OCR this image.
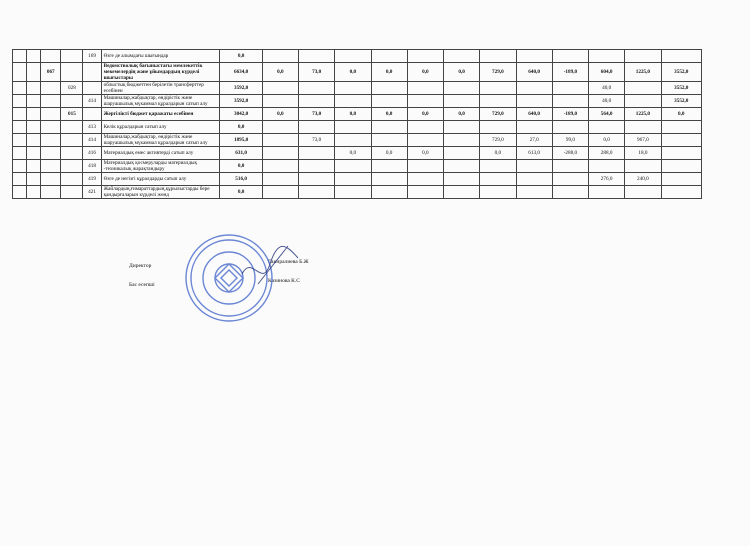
				169	Өзге де алымдағы шығындар	0,0												
		067			Ведомстволық бағыныстағы мемлекеттік мекемелердің және ұйымдардың күрделі шығыстары	6634,0	0,0	73,0	0,0	0,0	0,0	0,0	729,0	640,0	-189,0	604,0	1225,0	3552,0
			028		облыстық бюджеттен берілетін трансферттер есебінен	3592,0										40,0		3552,0
				414	Машиналар,жабдықтар, өндірістік және шаруашылық мүкаммал құралдарын сатып алу	3592,0										40,0		3552,0
			015		Жергілікті бюджет қаражаты есебінен	3042,0	0,0	73,0	0,0	0,0	0,0	0,0	729,0	640,0	-189,0	564,0	1225,0	0,0
				413	Келік құралдарын сатып алу	0,0												
				414	Машиналар,жабдықтар, өндірістік және шаруашылық мүкаммал құралдарын сатып алу	1895,0		73,0					729,0	27,0	99,0	0,0	967,0	
				416	Материалдық емес активтерді сатып алу	631,0			0,0	0,0	0,0		0,0	613,0	-288,0	288,0	18,0	
				418	Материалдық қосмеруларды материалдық -техникалық жарақтандыру	0,0												
				419	Өзге де негізгі құралдарды сатып алу	516,0										276,0	240,0	
				421	Жайлардың,ғимараттардың,құрылыстарды бере қандырғаларын күрделі жөнд	0,0												
Директор
Ганиралиева Б.Ж
Бас есепші
Казинова К.С
